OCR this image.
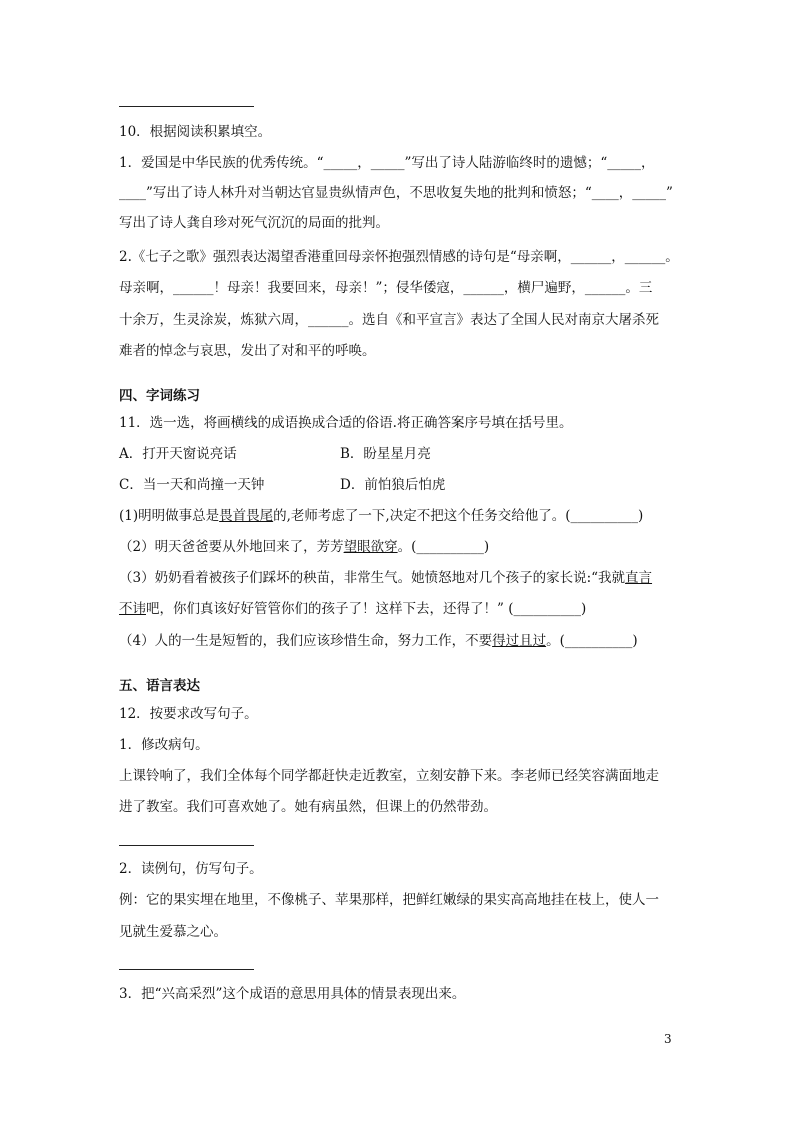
10．根据阅读积累填空。
1．爱国是中华民族的优秀传统。“_____，_____”写出了诗人陆游临终时的遗憾；“_____，
____”写出了诗人林升对当朝达官显贵纵情声色，不思收复失地的批判和愤怒；“____，_____”
写出了诗人龚自珍对死气沉沉的局面的批判。
2.《七子之歌》强烈表达渴望香港重回母亲怀抱强烈情感的诗句是“母亲啊，______，______。
母亲啊，______！母亲！我要回来，母亲！”；侵华倭寇，______，横尸遍野，______。三
十余万，生灵涂炭，炼狱六周，______。选自《和平宣言》表达了全国人民对南京大屠杀死
难者的悼念与哀思，发出了对和平的呼唤。
四、字词练习
11．选一选，将画横线的成语换成合适的俗语.将正确答案序号填在括号里。
A．打开天窗说亮话	B．盼星星月亮
C．当一天和尚撞一天钟	D．前怕狼后怕虎
(1)明明做事总是畏首畏尾的,老师考虑了一下,决定不把这个任务交给他了。(__________)
（2）明天爸爸要从外地回来了，芳芳望眼欲穿。(__________)
（3）奶奶看着被孩子们踩坏的秧苗，非常生气。她愤怒地对几个孩子的家长说:“我就直言
不讳吧，你们真该好好管管你们的孩子了！这样下去，还得了！” (__________)
（4）人的一生是短暂的，我们应该珍惜生命，努力工作，不要得过且过。(__________)
五、语言表达
12．按要求改写句子。
1．修改病句。
上课铃响了，我们全体每个同学都赶快走近教室，立刻安静下来。李老师已经笑容满面地走
进了教室。我们可喜欢她了。她有病虽然，但课上的仍然带劲。
2．读例句，仿写句子。
例：它的果实埋在地里，不像桃子、苹果那样，把鲜红嫩绿的果实高高地挂在枝上，使人一
见就生爱慕之心。
3．把“兴高采烈”这个成语的意思用具体的情景表现出来。
3
